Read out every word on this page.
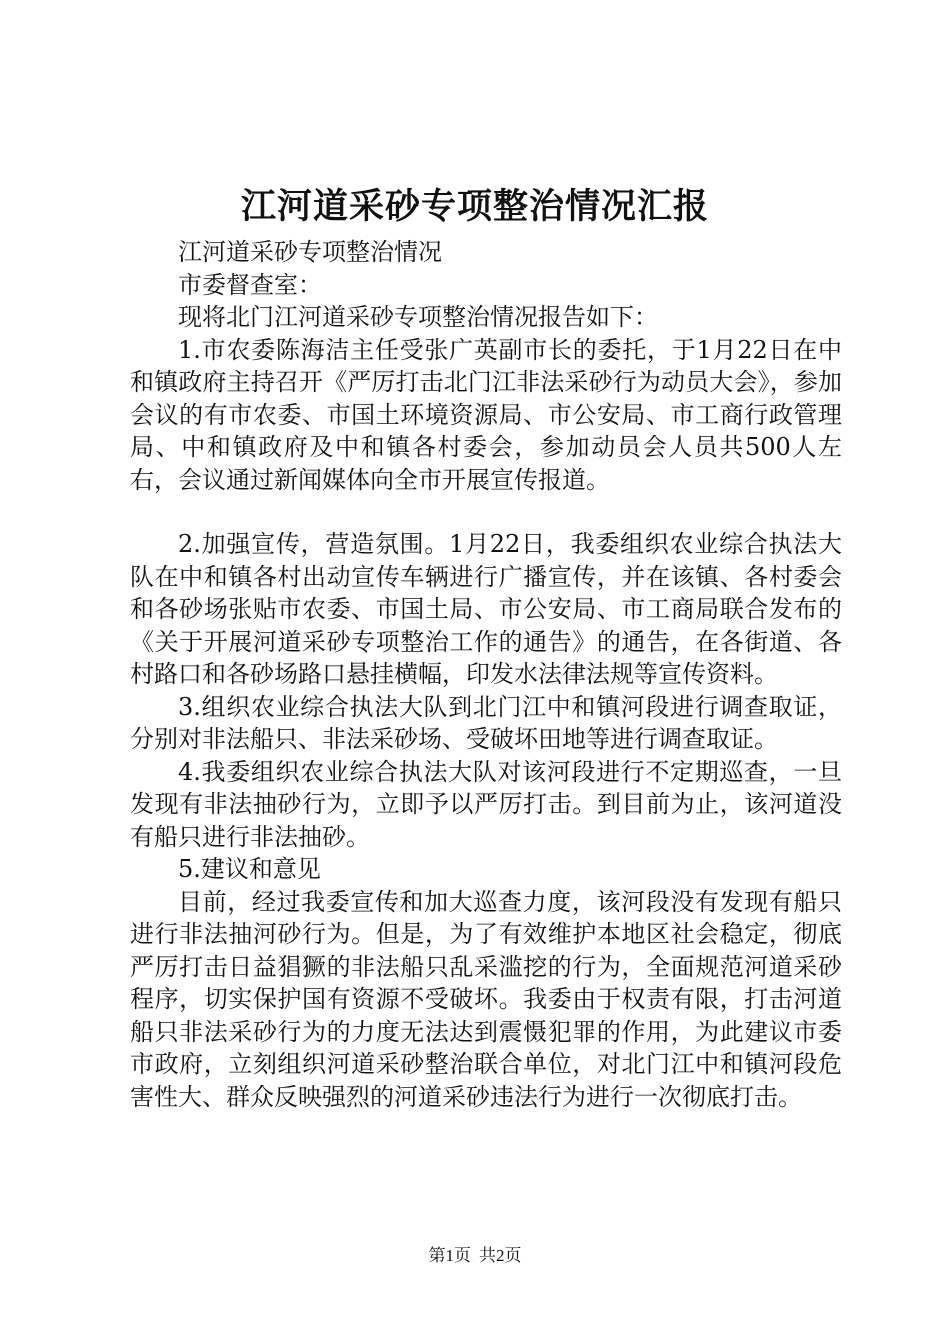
江河道采砂专项整治情况汇报

江河道采砂专项整治情况

市委督查室：

现将北门江河道采砂专项整治情况报告如下：

1.市农委陈海洁主任受张广英副市长的委托，于1月22日在中和镇政府主持召开《严厉打击北门江非法采砂行为动员大会》，参加会议的有市农委、市国土环境资源局、市公安局、市工商行政管理局、中和镇政府及中和镇各村委会，参加动员会人员共500人左右，会议通过新闻媒体向全市开展宣传报道。

2.加强宣传，营造氛围。1月22日，我委组织农业综合执法大队在中和镇各村出动宣传车辆进行广播宣传，并在该镇、各村委会和各砂场张贴市农委、市国土局、市公安局、市工商局联合发布的《关于开展河道采砂专项整治工作的通告》的通告，在各街道、各村路口和各砂场路口悬挂横幅，印发水法律法规等宣传资料。

3.组织农业综合执法大队到北门江中和镇河段进行调查取证，分别对非法船只、非法采砂场、受破坏田地等进行调查取证。

4.我委组织农业综合执法大队对该河段进行不定期巡查，一旦发现有非法抽砂行为，立即予以严厉打击。到目前为止，该河道没有船只进行非法抽砂。

5.建议和意见

目前，经过我委宣传和加大巡查力度，该河段没有发现有船只进行非法抽河砂行为。但是，为了有效维护本地区社会稳定，彻底严厉打击日益猖獗的非法船只乱采滥挖的行为，全面规范河道采砂程序，切实保护国有资源不受破坏。我委由于权责有限，打击河道船只非法采砂行为的力度无法达到震慑犯罪的作用，为此建议市委市政府，立刻组织河道采砂整治联合单位，对北门江中和镇河段危害性大、群众反映强烈的河道采砂违法行为进行一次彻底打击。

第1页 共2页
